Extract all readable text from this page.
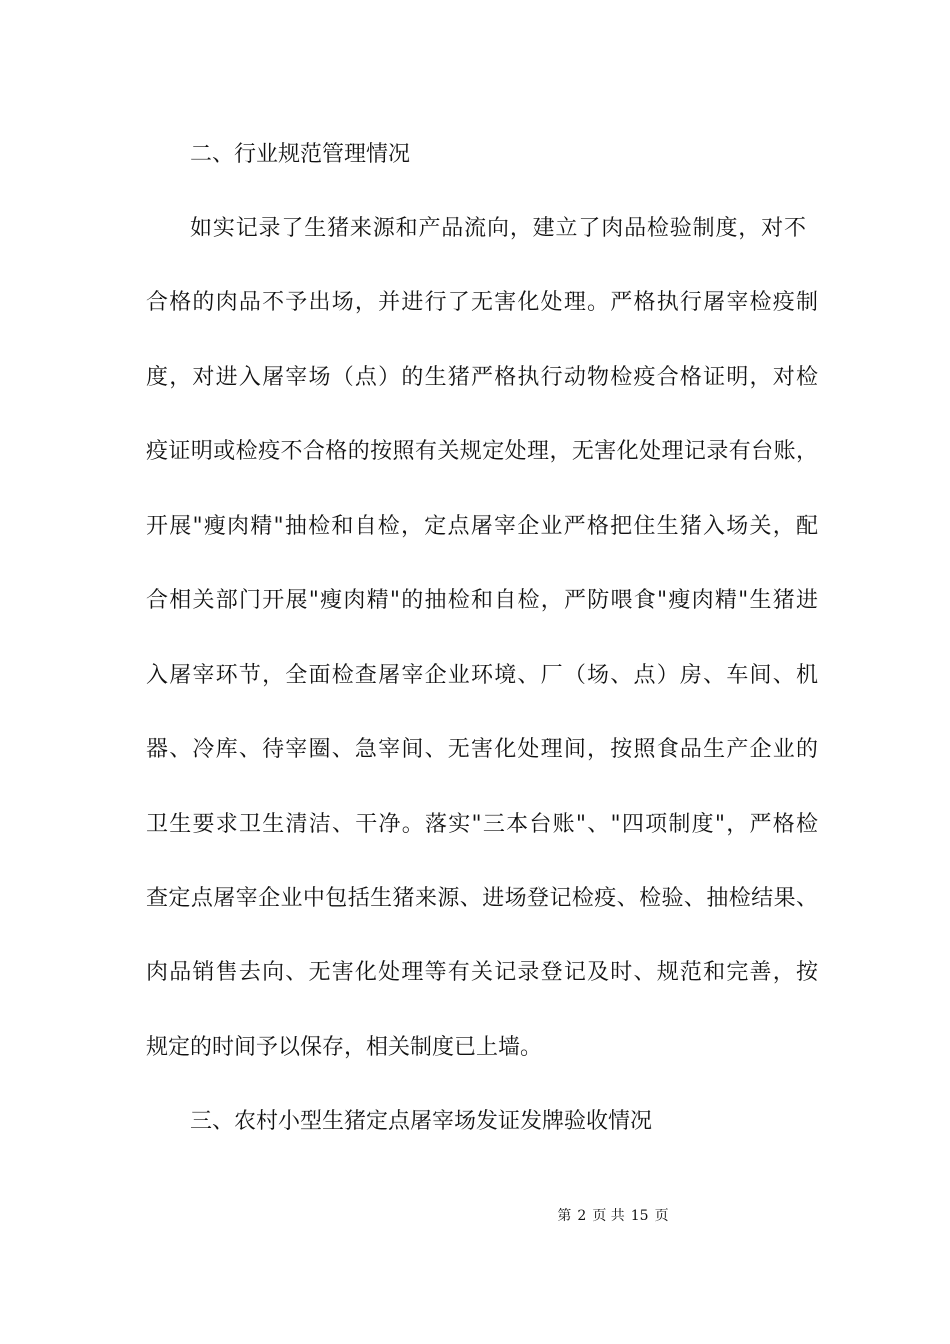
二、行业规范管理情况
如实记录了生猪来源和产品流向，建立了肉品检验制度，对不
合格的肉品不予出场，并进行了无害化处理。严格执行屠宰检疫制
度，对进入屠宰场（点）的生猪严格执行动物检疫合格证明，对检
疫证明或检疫不合格的按照有关规定处理，无害化处理记录有台账，
开展"瘦肉精"抽检和自检，定点屠宰企业严格把住生猪入场关，配
合相关部门开展"瘦肉精"的抽检和自检，严防喂食"瘦肉精"生猪进
入屠宰环节，全面检查屠宰企业环境、厂（场、点）房、车间、机
器、冷库、待宰圈、急宰间、无害化处理间，按照食品生产企业的
卫生要求卫生清洁、干净。落实"三本台账"、"四项制度"，严格检
查定点屠宰企业中包括生猪来源、进场登记检疫、检验、抽检结果、
肉品销售去向、无害化处理等有关记录登记及时、规范和完善，按
规定的时间予以保存，相关制度已上墙。
三、农村小型生猪定点屠宰场发证发牌验收情况
第 2 页 共 15 页
